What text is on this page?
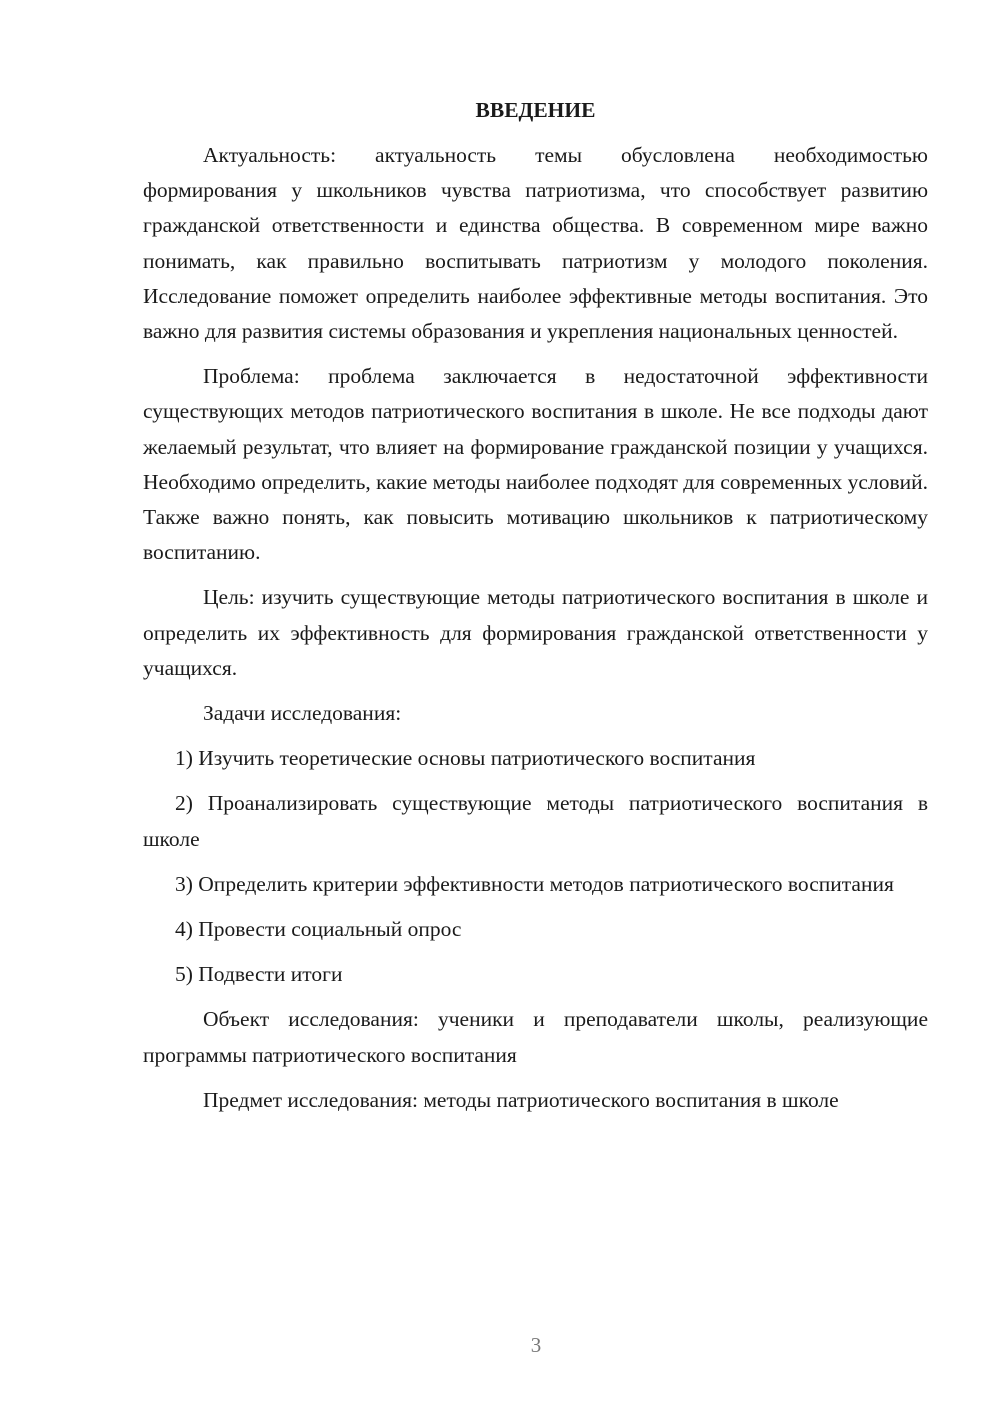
ВВЕДЕНИЕ

Актуальность: актуальность темы обусловлена необходимостью формирования у школьников чувства патриотизма, что способствует развитию гражданской ответственности и единства общества. В современном мире важно понимать, как правильно воспитывать патриотизм у молодого поколения. Исследование поможет определить наиболее эффективные методы воспитания. Это важно для развития системы образования и укрепления национальных ценностей.

Проблема: проблема заключается в недостаточной эффективности существующих методов патриотического воспитания в школе. Не все подходы дают желаемый результат, что влияет на формирование гражданской позиции у учащихся. Необходимо определить, какие методы наиболее подходят для современных условий. Также важно понять, как повысить мотивацию школьников к патриотическому воспитанию.

Цель: изучить существующие методы патриотического воспитания в школе и определить их эффективность для формирования гражданской ответственности у учащихся.

Задачи исследования:

1) Изучить теоретические основы патриотического воспитания

2) Проанализировать существующие методы патриотического воспитания в школе

3) Определить критерии эффективности методов патриотического воспитания

4) Провести социальный опрос

5) Подвести итоги

Объект исследования: ученики и преподаватели школы, реализующие программы патриотического воспитания

Предмет исследования: методы патриотического воспитания в школе

3
